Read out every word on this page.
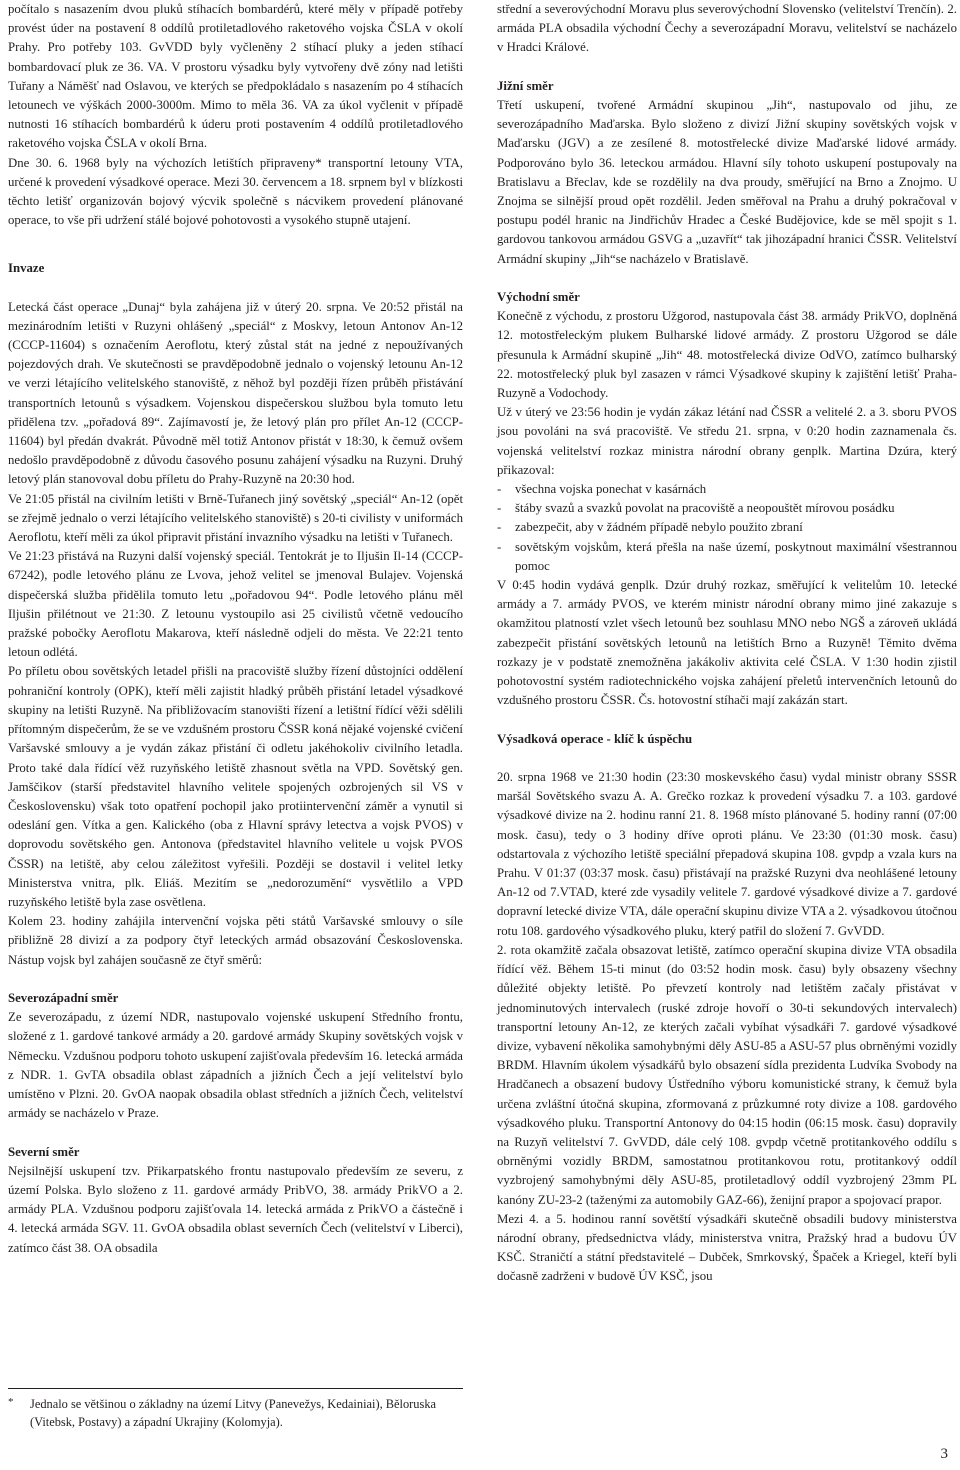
počítalo s nasazením dvou pluků stíhacích bombardérů, které měly v případě potřeby provést úder na postavení 8 oddílů protiletadlového raketového vojska ČSLA v okolí Prahy. Pro potřeby 103. GvVDD byly vyčleněny 2 stíhací pluky a jeden stíhací bombardovací pluk ze 36. VA. V prostoru výsadku byly vytvořeny dvě zóny nad letišti Tuřany a Náměšť nad Oslavou, ve kterých se předpokládalo s nasazením po 4 stíhacích letounech ve výškách 2000-3000m. Mimo to měla 36. VA za úkol vyčlenit v případě nutnosti 16 stíhacích bombardérů k úderu proti postavením 4 oddílů protiletadlového raketového vojska ČSLA v okolí Brna.

Dne 30. 6. 1968 byly na výchozích letištích připraveny* transportní letouny VTA, určené k provedení výsadkové operace. Mezi 30. červencem a 18. srpnem byl v blízkosti těchto letišť organizován bojový výcvik společně s nácvikem provedení plánované operace, to vše při udržení stálé bojové pohotovosti a vysokého stupně utajení.

Invaze

Letecká část operace „Dunaj“ byla zahájena již v úterý 20. srpna. Ve 20:52 přistál na mezinárodním letišti v Ruzyni ohlášený „speciál“ z Moskvy, letoun Antonov An-12 (CCCP-11604) s označením Aeroflotu, který zůstal stát na jedné z nepoužívaných pojezdových drah. Ve skutečnosti se pravděpodobně jednalo o vojenský letounu An-12 ve verzi létajícího velitelského stanoviště, z něhož byl později řízen průběh přistávání transportních letounů s výsadkem. Vojenskou dispečerskou službou byla tomuto letu přidělena tzv. „pořadová 89“. Zajímavostí je, že letový plán pro přílet An-12 (CCCP-11604) byl předán dvakrát. Původně měl totiž Antonov přistát v 18:30, k čemuž ovšem nedošlo pravděpodobně z důvodu časového posunu zahájení výsadku na Ruzyni. Druhý letový plán stanovoval dobu příletu do Prahy-Ruzyně na 20:30 hod.

Ve 21:05 přistál na civilním letišti v Brně-Tuřanech jiný sovětský „speciál“ An-12 (opět se zřejmě jednalo o verzi létajícího velitelského stanoviště) s 20-ti civilisty v uniformách Aeroflotu, kteří měli za úkol připravit přistání invazního výsadku na letišti v Tuřanech.

Ve 21:23 přistává na Ruzyni další vojenský speciál. Tentokrát je to Iljušin Il-14 (CCCP-67242), podle letového plánu ze Lvova, jehož velitel se jmenoval Bulajev. Vojenská dispečerská služba přidělila tomuto letu „pořadovou 94“. Podle letového plánu měl Iljušin přilétnout ve 21:30. Z letounu vystoupilo asi 25 civilistů včetně vedoucího pražské pobočky Aeroflotu Makarova, kteří následně odjeli do města. Ve 22:21 tento letoun odlétá.

Po příletu obou sovětských letadel přišli na pracoviště služby řízení důstojníci oddělení pohraniční kontroly (OPK), kteří měli zajistit hladký průběh přistání letadel výsadkové skupiny na letišti Ruzyně. Na přibližovacím stanovišti řízení a letištní řídící věži sdělili přítomným dispečerům, že se ve vzdušném prostoru ČSSR koná nějaké vojenské cvičení Varšavské smlouvy a je vydán zákaz přistání či odletu jakéhokoliv civilního letadla. Proto také dala řídící věž ruzyňského letiště zhasnout světla na VPD. Sovětský gen. Jamščikov (starší představitel hlavního velitele spojených ozbrojených sil VS v Československu) však toto opatření pochopil jako protiintervenční záměr a vynutil si odeslání gen. Vítka a gen. Kalického (oba z Hlavní správy letectva a vojsk PVOS) v doprovodu sovětského gen. Antonova (představitel hlavního velitele u vojsk PVOS ČSSR) na letiště, aby celou záležitost vyřešili. Později se dostavil i velitel letky Ministerstva vnitra, plk. Eliáš. Mezitím se „nedorozumění“ vysvětlilo a VPD ruzyňského letiště byla zase osvětlena.

Kolem 23. hodiny zahájila intervenční vojska pěti států Varšavské smlouvy o síle přibližně 28 divizí a za podpory čtyř leteckých armád obsazování Československa. Nástup vojsk byl zahájen současně ze čtyř směrů:

Severozápadní směr

Ze severozápadu, z území NDR, nastupovalo vojenské uskupení Středního frontu, složené z 1. gardové tankové armády a 20. gardové armády Skupiny sovětských vojsk v Německu. Vzdušnou podporu tohoto uskupení zajišťovala především 16. letecká armáda z NDR. 1. GvTA obsadila oblast západních a jižních Čech a její velitelství bylo umístěno v Plzni. 20. GvOA naopak obsadila oblast středních a jižních Čech, velitelství armády se nacházelo v Praze.

Severní směr

Nejsilnější uskupení tzv. Přikarpatského frontu nastupovalo především ze severu, z území Polska. Bylo složeno z 11. gardové armády PribVO, 38. armády PrikVO a 2. armády PLA. Vzdušnou podporu zajišťovala 14. letecká armáda z PrikVO a částečně i 4. letecká armáda SGV. 11. GvOA obsadila oblast severních Čech (velitelství v Liberci), zatímco část 38. OA obsadila

*	Jednalo se většinou o základny na území Litvy (Panevežys, Kedainiai), Běloruska (Vitebsk, Postavy) a západní Ukrajiny (Kolomyja).

střední a severovýchodní Moravu plus severovýchodní Slovensko (velitelství Trenčín). 2. armáda PLA obsadila východní Čechy a severozápadní Moravu, velitelství se nacházelo v Hradci Králové.

Jižní směr

Třetí uskupení, tvořené Armádní skupinou „Jih“, nastupovalo od jihu, ze severozápadního Maďarska. Bylo složeno z divizí Jižní skupiny sovětských vojsk v Maďarsku (JGV) a ze zesílené 8. motostřelecké divize Maďarské lidové armády. Podporováno bylo 36. leteckou armádou. Hlavní síly tohoto uskupení postupovaly na Bratislavu a Břeclav, kde se rozdělily na dva proudy, směřující na Brno a Znojmo. U Znojma se silnější proud opět rozdělil. Jeden směřoval na Prahu a druhý pokračoval v postupu podél hranic na Jindřichův Hradec a České Budějovice, kde se měl spojit s 1. gardovou tankovou armádou GSVG a „uzavřít“ tak jihozápadní hranici ČSSR. Velitelství Armádní skupiny „Jih“se nacházelo v Bratislavě.

Východní směr

Konečně z východu, z prostoru Užgorod, nastupovala část 38. armády PrikVO, doplněná 12. motostřeleckým plukem Bulharské lidové armády. Z prostoru Užgorod se dále přesunula k Armádní skupině „Jih“ 48. motostřelecká divize OdVO, zatímco bulharský 22. motostřelecký pluk byl zasazen v rámci Výsadkové skupiny k zajištění letišť Praha-Ruzyně a Vodochody.

Už v úterý ve 23:56 hodin je vydán zákaz létání nad ČSSR a velitelé 2. a 3. sboru PVOS jsou povoláni na svá pracoviště. Ve středu 21. srpna, v 0:20 hodin zaznamenala čs. vojenská velitelství rozkaz ministra národní obrany genplk. Martina Dzúra, který přikazoval:

- všechna vojska ponechat v kasárnách
- štáby svazů a svazků povolat na pracoviště a neopouštět mírovou posádku
- zabezpečit, aby v žádném případě nebylo použito zbraní
- sovětským vojskům, která přešla na naše území, poskytnout maximální všestrannou pomoc

V 0:45 hodin vydává genplk. Dzúr druhý rozkaz, směřující k velitelům 10. letecké armády a 7. armády PVOS, ve kterém ministr národní obrany mimo jiné zakazuje s okamžitou platností vzlet všech letounů bez souhlasu MNO nebo NGŠ a zároveň ukládá zabezpečit přistání sovětských letounů na letištích Brno a Ruzyně! Těmito dvěma rozkazy je v podstatě znemožněna jakákoliv aktivita celé ČSLA. V 1:30 hodin zjistil pohotovostní systém radiotechnického vojska zahájení přeletů intervenčních letounů do vzdušného prostoru ČSSR. Čs. hotovostní stíhači mají zakázán start.

Výsadková operace - klíč k úspěchu

20. srpna 1968 ve 21:30 hodin (23:30 moskevského času) vydal ministr obrany SSSR maršál Sovětského svazu A. A. Grečko rozkaz k provedení výsadku 7. a 103. gardové výsadkové divize na 2. hodinu ranní 21. 8. 1968 místo plánované 5. hodiny ranní (07:00 mosk. času), tedy o 3 hodiny dříve oproti plánu. Ve 23:30 (01:30 mosk. času) odstartovala z výchozího letiště speciální přepadová skupina 108. gvpdp a vzala kurs na Prahu. V 01:37 (03:37 mosk. času) přistávají na pražské Ruzyni dva neohlášené letouny An-12 od 7.VTAD, které zde vysadily velitele 7. gardové výsadkové divize a 7. gardové dopravní letecké divize VTA, dále operační skupinu divize VTA a 2. výsadkovou útočnou rotu 108. gardového výsadkového pluku, který patřil do složení 7. GvVDD.

2. rota okamžitě začala obsazovat letiště, zatímco operační skupina divize VTA obsadila řídící věž. Během 15-ti minut (do 03:52 hodin mosk. času) byly obsazeny všechny důležité objekty letiště. Po převzetí kontroly nad letištěm začaly přistávat v jednominutových intervalech (ruské zdroje hovoří o 30-ti sekundových intervalech) transportní letouny An-12, ze kterých začali vybíhat výsadkáři 7. gardové výsadkové divize, vybavení několika samohybnými děly ASU-85 a ASU-57 plus obrněnými vozidly BRDM. Hlavním úkolem výsadkářů bylo obsazení sídla prezidenta Ludvíka Svobody na Hradčanech a obsazení budovy Ústředního výboru komunistické strany, k čemuž byla určena zvláštní útočná skupina, zformovaná z průzkumné roty divize a 108. gardového výsadkového pluku. Transportní Antonovy do 04:15 hodin (06:15 mosk. času) dopravily na Ruzyň velitelství 7. GvVDD, dále celý 108. gvpdp včetně protitankového oddílu s obrněnými vozidly BRDM, samostatnou protitankovou rotu, protitankový oddíl vyzbrojený samohybnými děly ASU-85, protiletadlový oddíl vyzbrojený 23mm PL kanóny ZU-23-2 (taženými za automobily GAZ-66), ženijní prapor a spojovací prapor.

Mezi 4. a 5. hodinou ranní sovětští výsadkáři skutečně obsadili budovy ministerstva národní obrany, předsednictva vlády, ministerstva vnitra, Pražský hrad a budovu ÚV KSČ. Straničtí a státní představitelé – Dubček, Smrkovský, Špaček a Kriegel, kteří byli dočasně zadrženi v budově ÚV KSČ, jsou

3
